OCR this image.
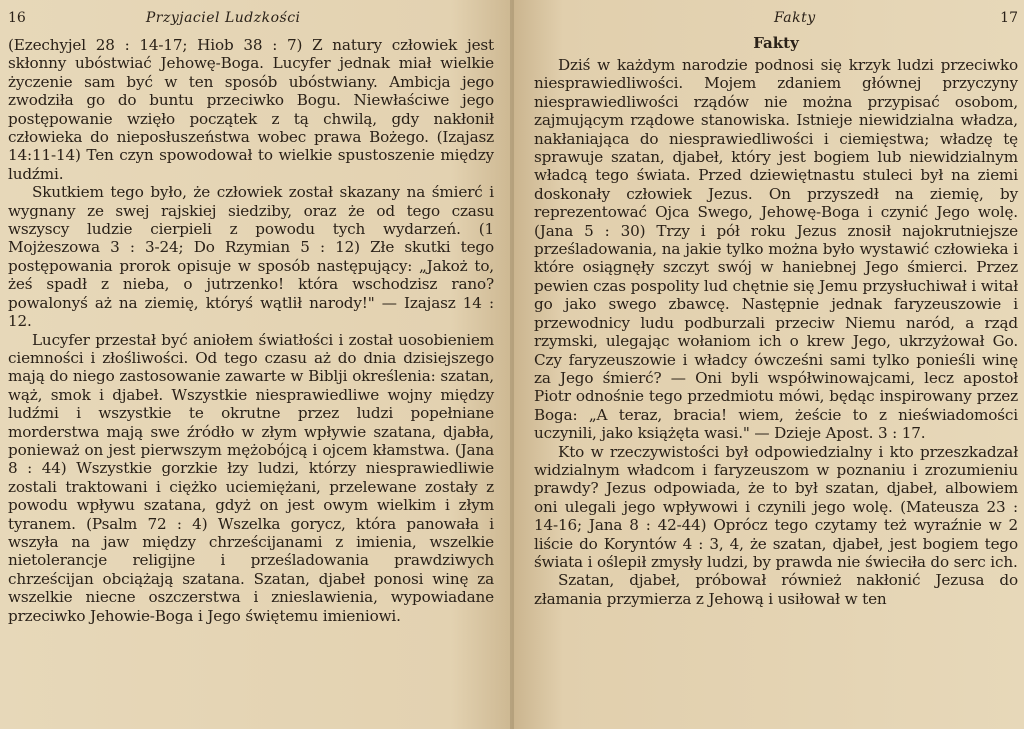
16	Przyjaciel Ludzkości

(Ezechyjel 28 : 14-17; Hiob 38 : 7) Z natury człowiek jest skłonny ubóstwiać Jehowę-Boga. Lucyfer jednak miał wielkie życzenie sam być w ten sposób ubóstwiany. Ambicja jego zwodziła go do buntu przeciwko Bogu. Niewłaściwe jego postępowanie wzięło początek z tą chwilą, gdy nakłonił człowieka do nieposłuszeństwa wobec prawa Bożego. (Izajasz 14:11-14) Ten czyn spowodował to wielkie spustoszenie między ludźmi.

Skutkiem tego było, że człowiek został skazany na śmierć i wygnany ze swej rajskiej siedziby, oraz że od tego czasu wszyscy ludzie cierpieli z powodu tych wydarzeń. (1 Mojżeszowa 3 : 3-24; Do Rzymian 5 : 12) Złe skutki tego postępowania prorok opisuje w sposób następujący: „Jakoż to, żeś spadł z nieba, o jutrzenko! która wschodzisz rano? powalonyś aż na ziemię, któryś wątlił narody!" — Izajasz 14 : 12.

Lucyfer przestał być aniołem światłości i został uosobieniem ciemności i złośliwości. Od tego czasu aż do dnia dzisiejszego mają do niego zastosowanie zawarte w Biblji określenia: szatan, wąż, smok i djabeł. Wszystkie niesprawiedliwe wojny między ludźmi i wszystkie te okrutne przez ludzi popełniane morderstwa mają swe źródło w złym wpływie szatana, djabła, ponieważ on jest pierwszym mężobójcą i ojcem kłamstwa. (Jana 8 : 44) Wszystkie gorzkie łzy ludzi, którzy niesprawiedliwie zostali traktowani i ciężko uciemiężani, przelewane zostały z powodu wpływu szatana, gdyż on jest owym wielkim i złym tyranem. (Psalm 72 : 4) Wszelka gorycz, która panowała i wszyła na jaw między chrześcijanami z imienia, wszelkie nietolerancje religijne i prześladowania prawdziwych chrześcijan obciążają szatana. Szatan, djabeł ponosi winę za wszelkie niecne oszczerstwa i znieslawienia, wypowiadane przeciwko Jehowie-Boga i Jego świętemu imieniowi.

Fakty	17
Fakty

Dziś w każdym narodzie podnosi się krzyk ludzi przeciwko niesprawiedliwości. Mojem zdaniem głównej przyczyny niesprawiedliwości rządów nie można przypisać osobom, zajmującym rządowe stanowiska. Istnieje niewidzialna władza, nakłaniająca do niesprawiedliwości i ciemięstwa; władzę tę sprawuje szatan, djabeł, który jest bogiem lub niewidzialnym władcą tego świata. Przed dziewiętnastu stuleci był na ziemi doskonały człowiek Jezus. On przyszedł na ziemię, by reprezentować Ojca Swego, Jehowę-Boga i czynić Jego wolę. (Jana 5 : 30) Trzy i pół roku Jezus znosił najokrutniejsze prześladowania, na jakie tylko można było wystawić człowieka i które osiągnęły szczyt swój w haniebnej Jego śmierci. Przez pewien czas pospolity lud chętnie się Jemu przysłuchiwał i witał go jako swego zbawcę. Następnie jednak faryzeuszowie i przewodnicy ludu podburzali przeciw Niemu naród, a rząd rzymski, ulegając wołaniom ich o krew Jego, ukrzyżował Go. Czy faryzeuszowie i władcy ówcześni sami tylko ponieśli winę za Jego śmierć? — Oni byli współwinowajcami, lecz apostoł Piotr odnośnie tego przedmiotu mówi, będąc inspirowany przez Boga: „A teraz, bracia! wiem, żeście to z nieświadomości uczynili, jako książęta wasi." — Dzieje Apost. 3 : 17.

Kto w rzeczywistości był odpowiedzialny i kto przeszkadzał widzialnym władcom i faryzeuszom w poznaniu i zrozumieniu prawdy? Jezus odpowiada, że to był szatan, djabeł, albowiem oni ulegali jego wpływowi i czynili jego wolę. (Mateusza 23 : 14-16; Jana 8 : 42-44) Oprócz tego czytamy też wyraźnie w 2 liście do Koryntów 4 : 3, 4, że szatan, djabeł, jest bogiem tego świata i oślepił zmysły ludzi, by prawda nie świeciła do serc ich.

Szatan, djabeł, próbował również nakłonić Jezusa do złamania przymierza z Jehową i usiłował w ten
